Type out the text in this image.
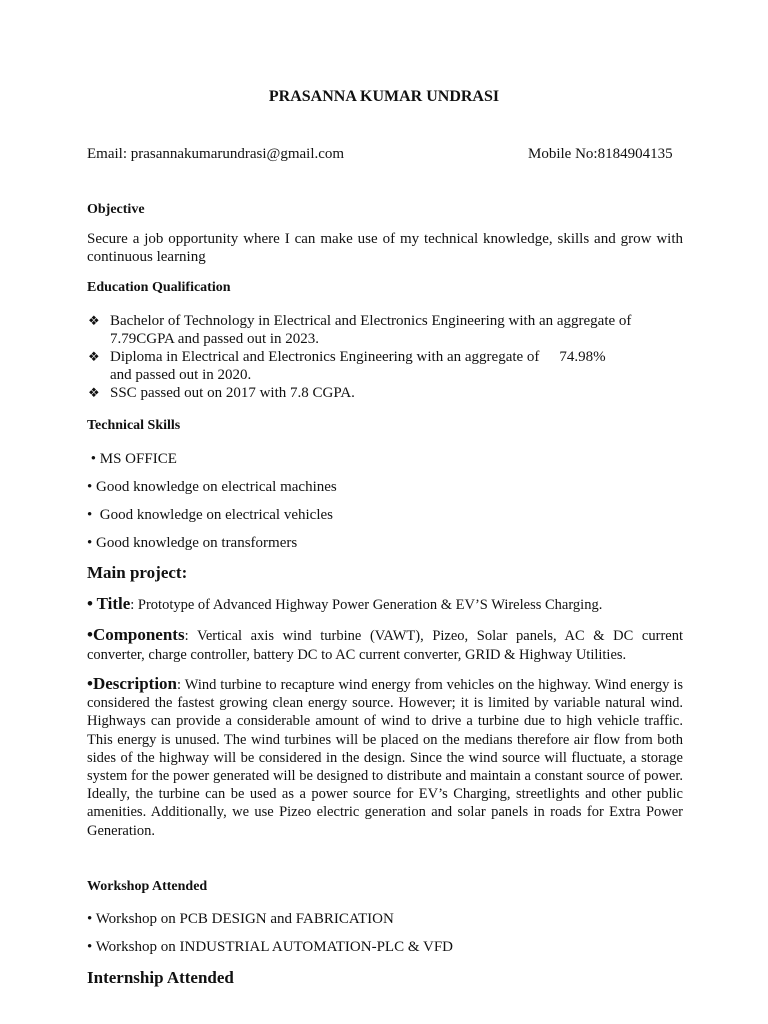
PRASANNA KUMAR UNDRASI

Email: prasannakumarundrasi@gmail.com	Mobile No:8184904135

Objective

Secure a job opportunity where I can make use of my technical knowledge, skills and grow with continuous learning

Education Qualification

❖ Bachelor of Technology in Electrical and Electronics Engineering with an aggregate of
7.79CGPA and passed out in 2023.
❖ Diploma in Electrical and Electronics Engineering with an aggregate of 74.98%
and passed out in 2020.
❖ SSC passed out on 2017 with 7.8 CGPA.

Technical Skills

• MS OFFICE

• Good knowledge on electrical machines

•  Good knowledge on electrical vehicles

• Good knowledge on transformers

Main project:

• Title: Prototype of Advanced Highway Power Generation & EV’S Wireless Charging.

•Components: Vertical axis wind turbine (VAWT), Pizeo, Solar panels, AC & DC current converter, charge controller, battery DC to AC current converter, GRID & Highway Utilities.

•Description: Wind turbine to recapture wind energy from vehicles on the highway. Wind energy is considered the fastest growing clean energy source. However; it is limited by variable natural wind. Highways can provide a considerable amount of wind to drive a turbine due to high vehicle traffic. This energy is unused. The wind turbines will be placed on the medians therefore air flow from both sides of the highway will be considered in the design. Since the wind source will fluctuate, a storage system for the power generated will be designed to distribute and maintain a constant source of power. Ideally, the turbine can be used as a power source for EV’s Charging, streetlights and other public amenities. Additionally, we use Pizeo electric generation and solar panels in roads for Extra Power Generation.

Workshop Attended

• Workshop on PCB DESIGN and FABRICATION

• Workshop on INDUSTRIAL AUTOMATION-PLC & VFD

Internship Attended
